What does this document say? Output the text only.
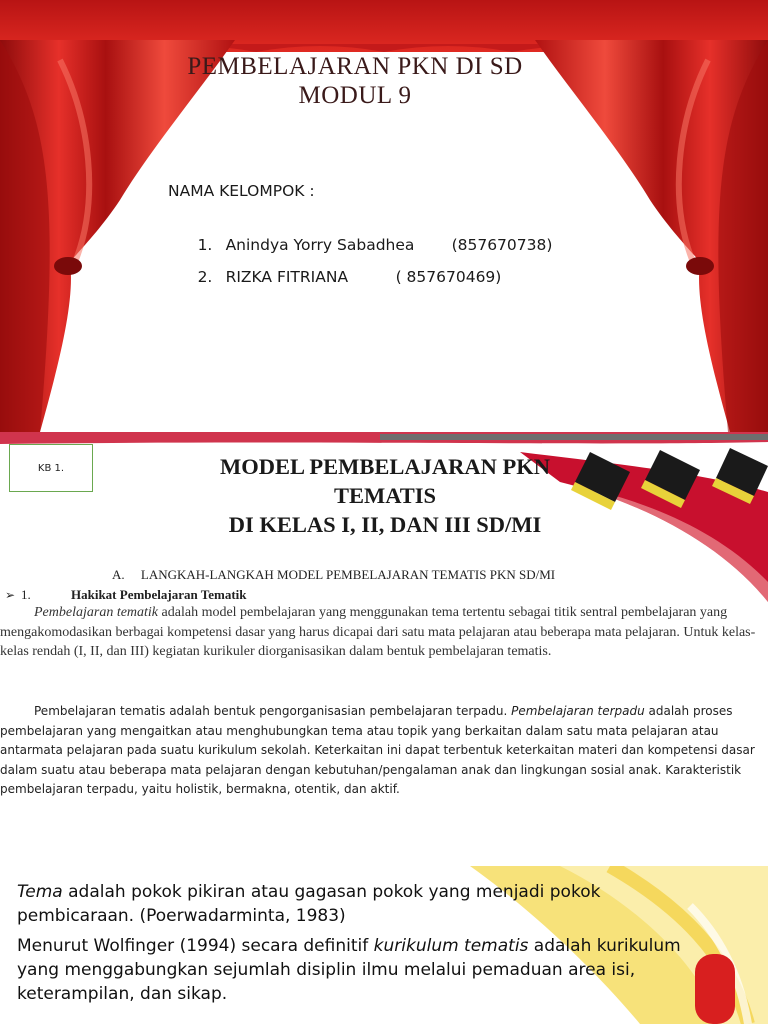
PEMBELAJARAN PKN DI SD
MODUL 9
NAMA KELOMPOK :

1. Anindya Yorry Sabadhea (857670738)

2. RIZKA FITRIANA	( 857670469)

KB 1.	MODEL PEMBELAJARAN PKN
TEMATIS
DI KELAS I, II, DAN III SD/MI
A.     LANGKAH-LANGKAH MODEL PEMBELAJARAN TEMATIS PKN SD/MI
➢ 1.	Hakikat Pembelajaran Tematik

Pembelajaran tematik adalah model pembelajaran yang menggunakan tema tertentu sebagai titik sentral pembelajaran yang mengakomodasikan berbagai kompetensi dasar yang harus dicapai dari satu mata pelajaran atau beberapa mata pelajaran. Untuk kelas-kelas rendah (I, II, dan III) kegiatan kurikuler diorganisasikan dalam bentuk pembelajaran tematis.

Pembelajaran tematis adalah bentuk pengorganisasian pembelajaran terpadu. Pembelajaran terpadu adalah proses pembelajaran yang mengaitkan atau menghubungkan tema atau topik yang berkaitan dalam satu mata pelajaran atau antarmata pelajaran pada suatu kurikulum sekolah. Keterkaitan ini dapat terbentuk keterkaitan materi dan kompetensi dasar dalam suatu atau beberapa mata pelajaran dengan kebutuhan/pengalaman anak dan lingkungan sosial anak. Karakteristik pembelajaran terpadu, yaitu holistik, bermakna, otentik, dan aktif.

Tema adalah pokok pikiran atau gagasan pokok yang menjadi pokok pembicaraan. (Poerwadarminta, 1983)

Menurut Wolfinger (1994) secara definitif kurikulum tematis adalah kurikulum yang menggabungkan sejumlah disiplin ilmu melalui pemaduan area isi, keterampilan, dan sikap.
